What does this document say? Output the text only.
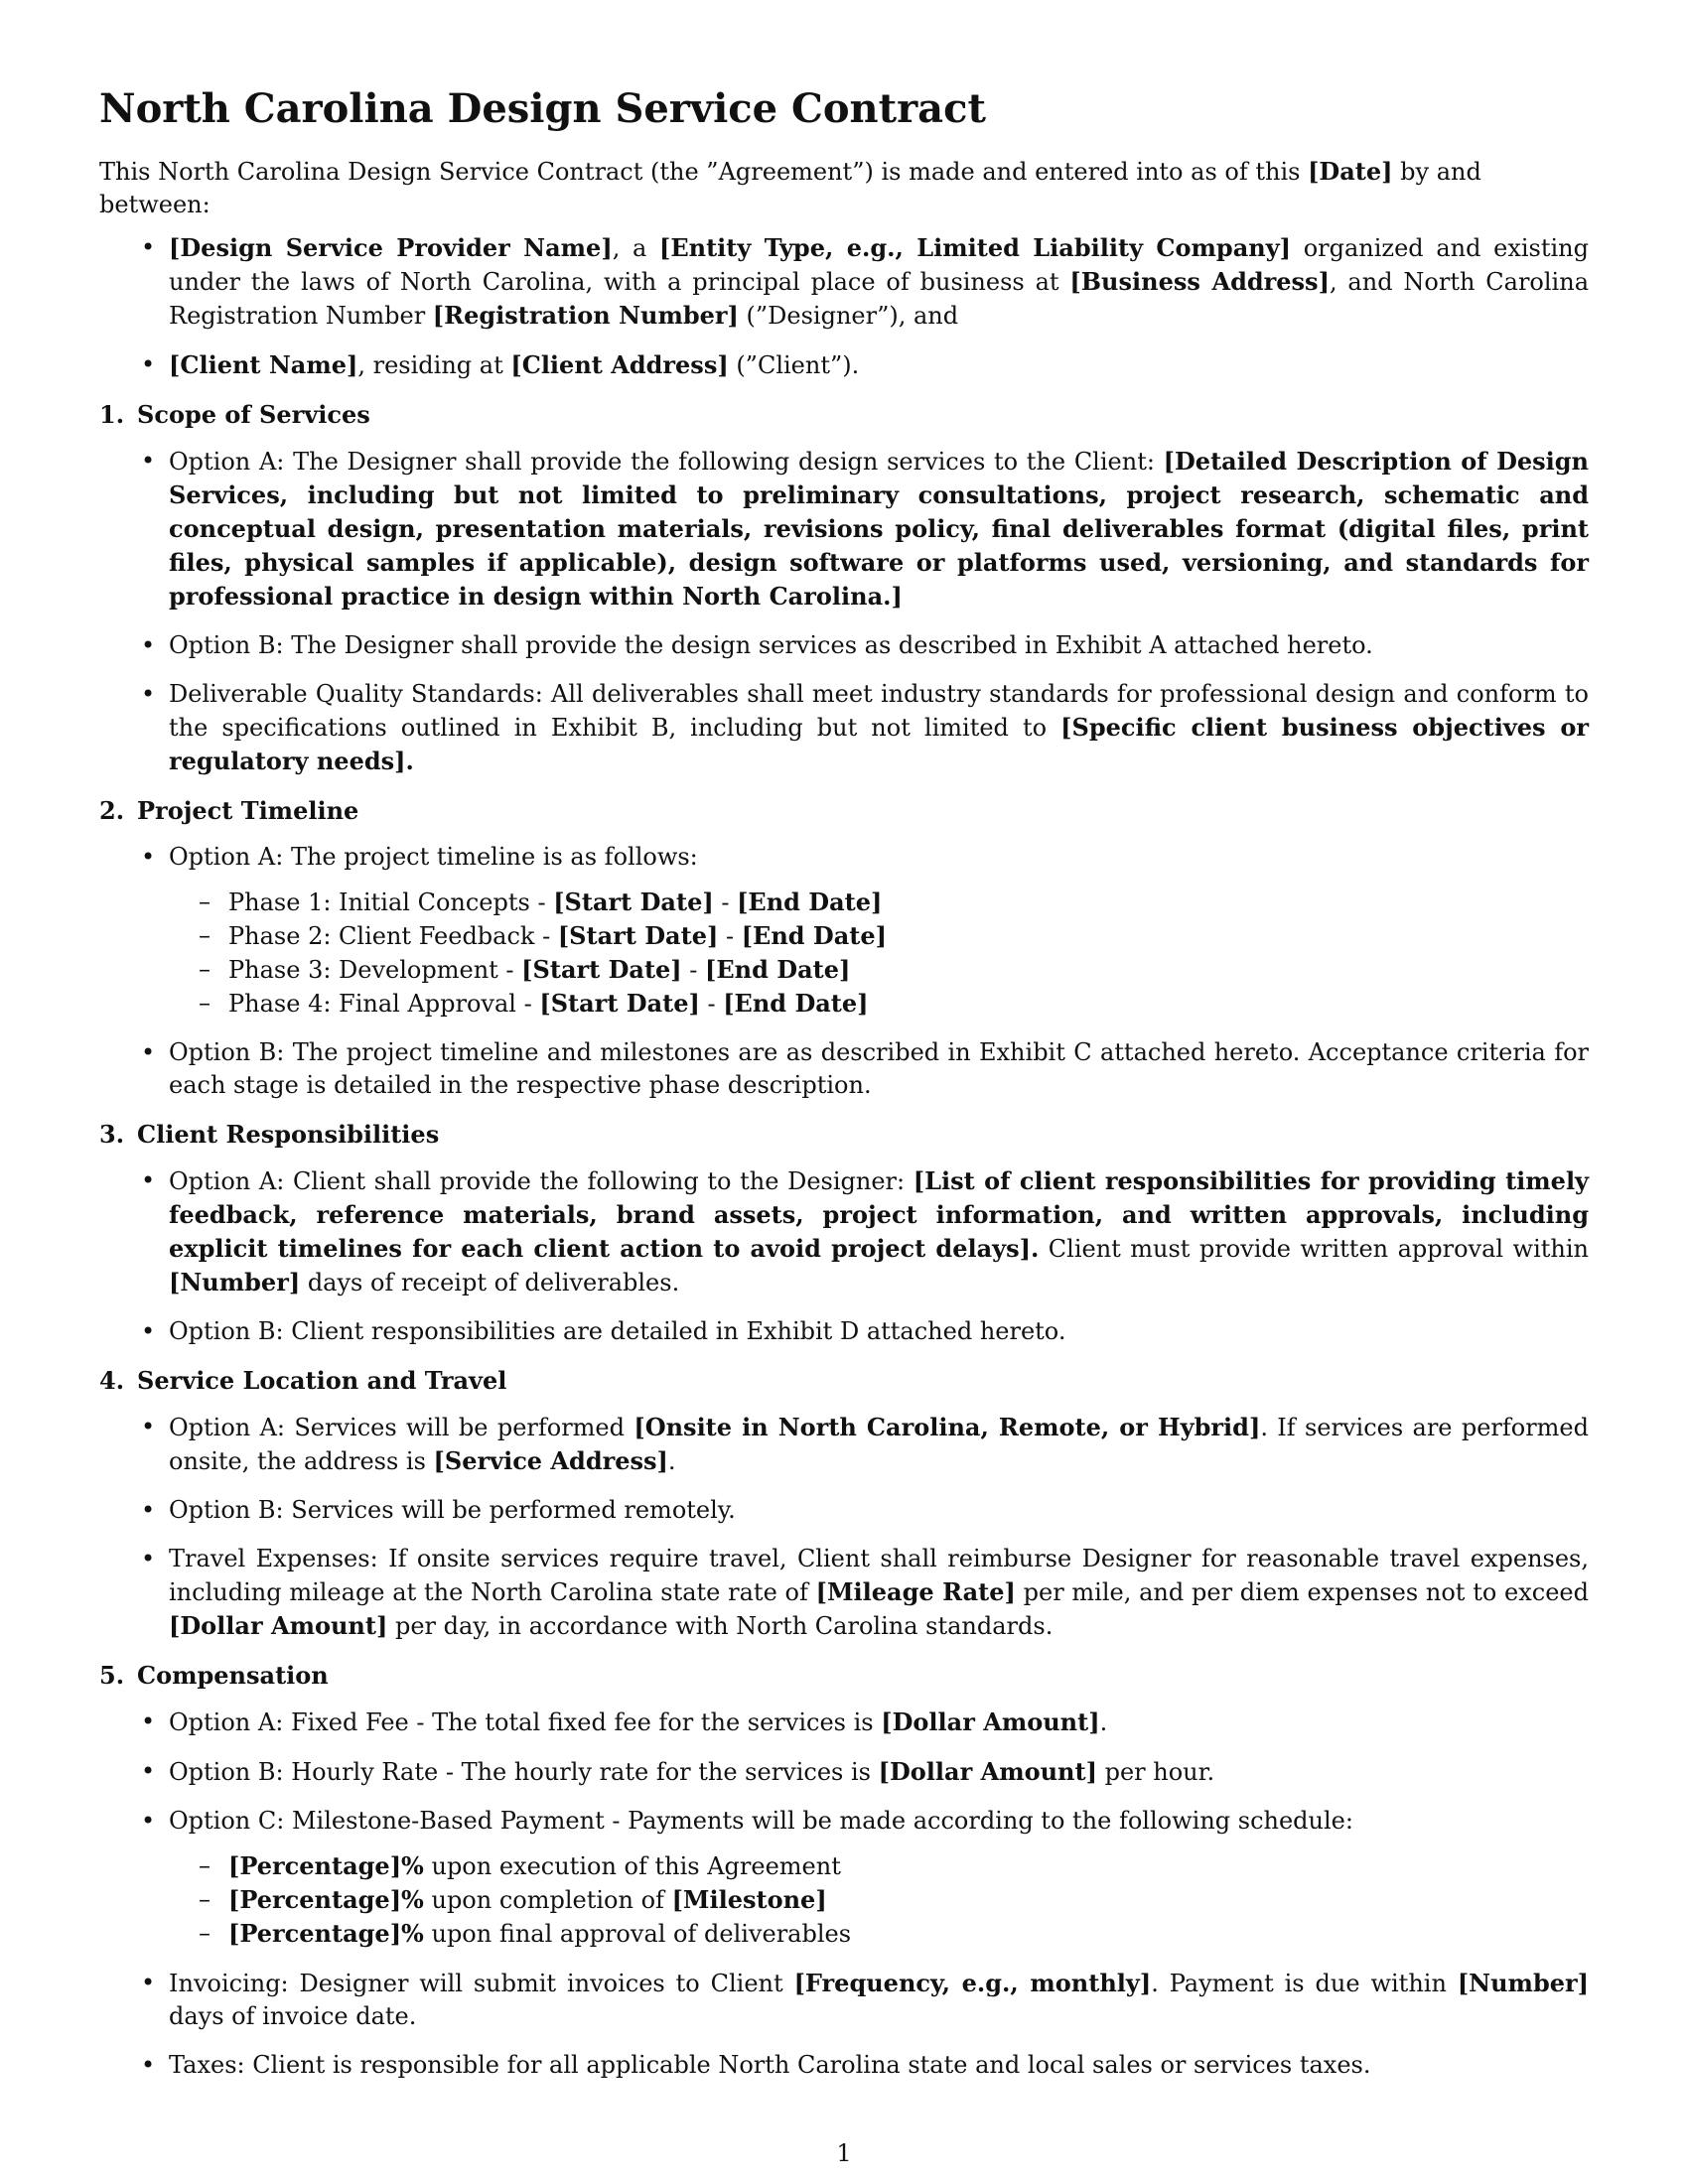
North Carolina Design Service Contract

This North Carolina Design Service Contract (the ”Agreement”) is made and entered into as of this [Date] by and between:

• [Design Service Provider Name], a [Entity Type, e.g., Limited Liability Company] organized and existing under the laws of North Carolina, with a principal place of business at [Business Address], and North Carolina Registration Number [Registration Number] (”Designer”), and
• [Client Name], residing at [Client Address] (”Client”).
1. Scope of Services
• Option A: The Designer shall provide the following design services to the Client: [Detailed Description of Design Services, including but not limited to preliminary consultations, project research, schematic and conceptual design, presentation materials, revisions policy, final deliverables format (digital files, print files, physical samples if applicable), design software or platforms used, versioning, and standards for professional practice in design within North Carolina.]
• Option B: The Designer shall provide the design services as described in Exhibit A attached hereto.
• Deliverable Quality Standards: All deliverables shall meet industry standards for professional design and conform to the specifications outlined in Exhibit B, including but not limited to [Specific client business objectives or regulatory needs].
2. Project Timeline
• Option A: The project timeline is as follows:
– Phase 1: Initial Concepts - [Start Date] - [End Date]
– Phase 2: Client Feedback - [Start Date] - [End Date]
– Phase 3: Development - [Start Date] - [End Date]
– Phase 4: Final Approval - [Start Date] - [End Date]
• Option B: The project timeline and milestones are as described in Exhibit C attached hereto. Acceptance criteria for each stage is detailed in the respective phase description.
3. Client Responsibilities
• Option A: Client shall provide the following to the Designer: [List of client responsibilities for providing timely feedback, reference materials, brand assets, project information, and written approvals, including explicit timelines for each client action to avoid project delays]. Client must provide written approval within [Number] days of receipt of deliverables.
• Option B: Client responsibilities are detailed in Exhibit D attached hereto.
4. Service Location and Travel
• Option A: Services will be performed [Onsite in North Carolina, Remote, or Hybrid]. If services are performed onsite, the address is [Service Address].
• Option B: Services will be performed remotely.
• Travel Expenses: If onsite services require travel, Client shall reimburse Designer for reasonable travel expenses, including mileage at the North Carolina state rate of [Mileage Rate] per mile, and per diem expenses not to exceed [Dollar Amount] per day, in accordance with North Carolina standards.
5. Compensation
• Option A: Fixed Fee - The total fixed fee for the services is [Dollar Amount].
• Option B: Hourly Rate - The hourly rate for the services is [Dollar Amount] per hour.
• Option C: Milestone-Based Payment - Payments will be made according to the following schedule:
– [Percentage]% upon execution of this Agreement
– [Percentage]% upon completion of [Milestone]
– [Percentage]% upon final approval of deliverables
• Invoicing: Designer will submit invoices to Client [Frequency, e.g., monthly]. Payment is due within [Number] days of invoice date.
• Taxes: Client is responsible for all applicable North Carolina state and local sales or services taxes.
1
